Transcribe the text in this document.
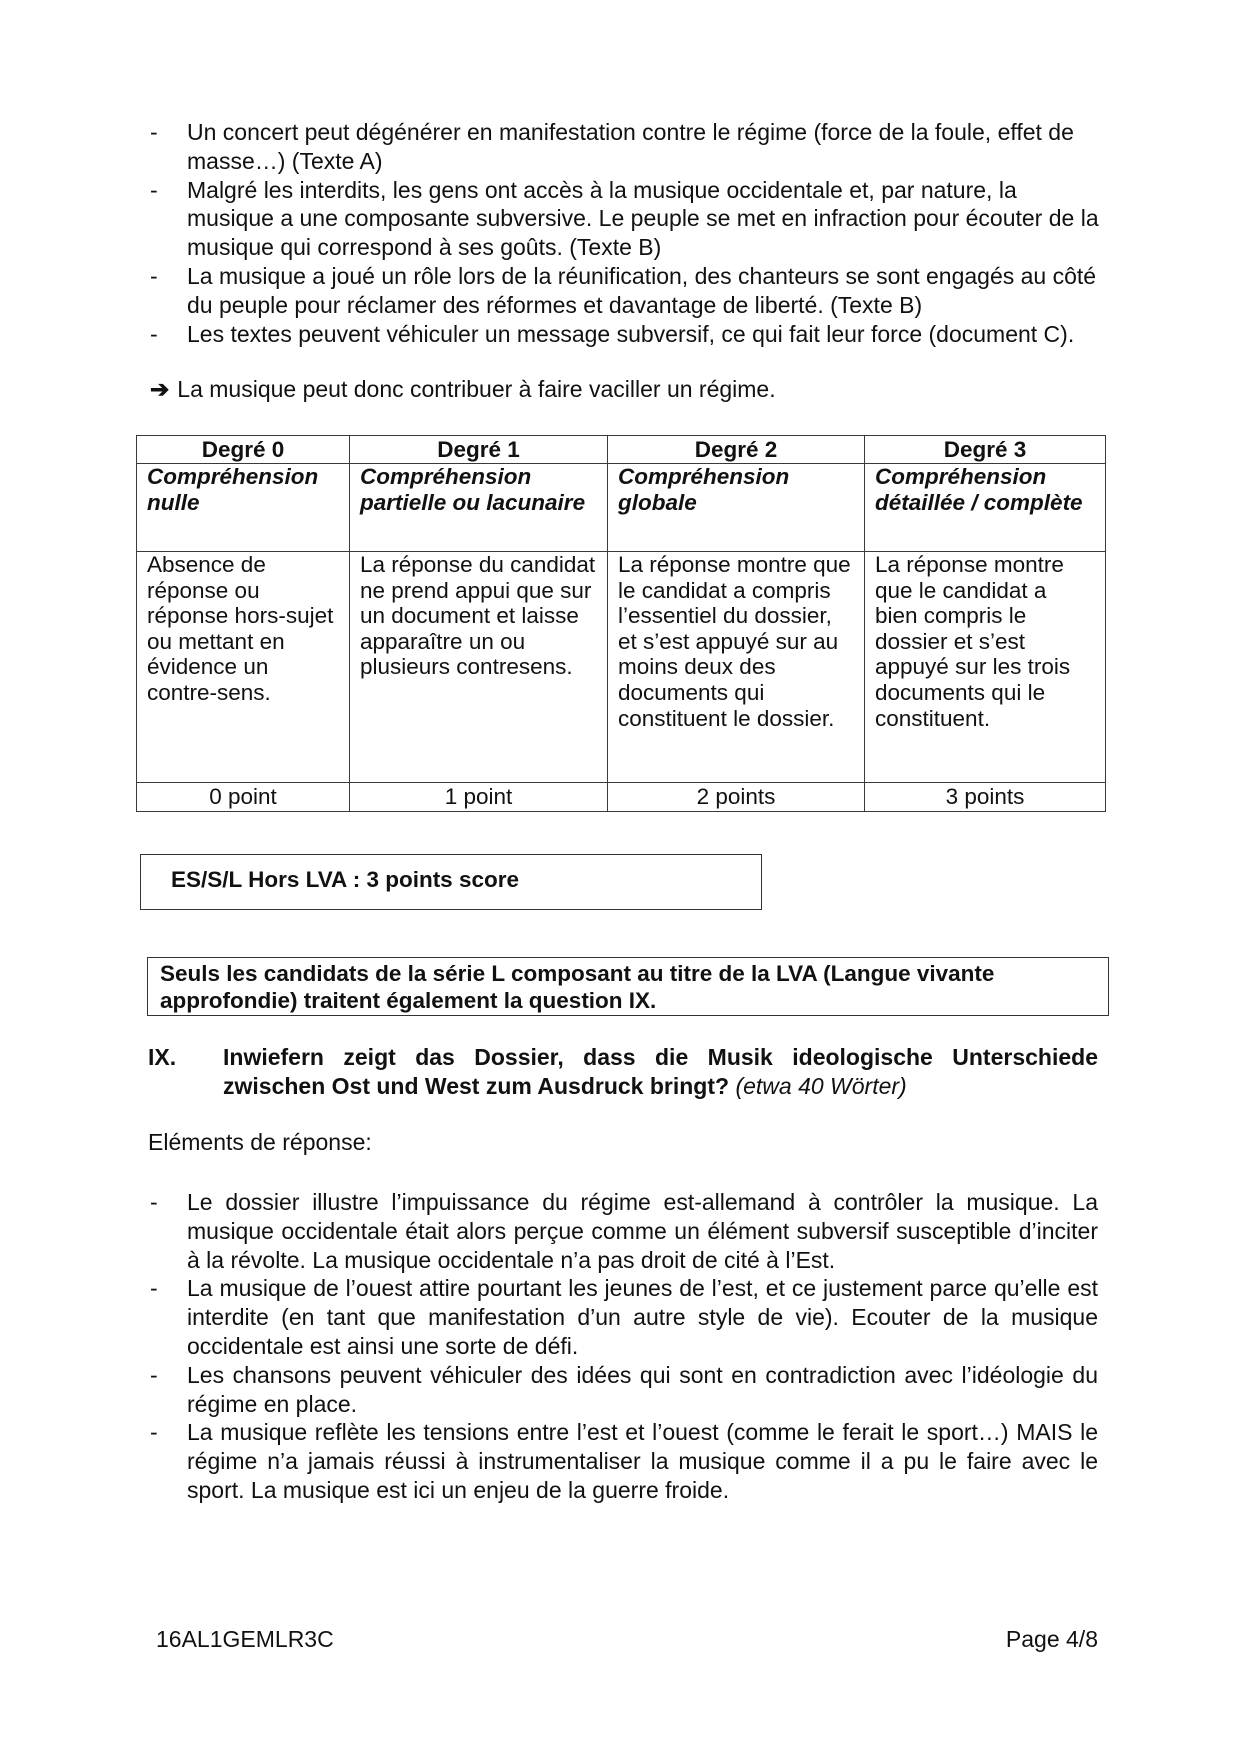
- Un concert peut dégénérer en manifestation contre le régime (force de la foule, effet de masse…) (Texte A)
- Malgré les interdits, les gens ont accès à la musique occidentale et, par nature, la musique a une composante subversive. Le peuple se met en infraction pour écouter de la musique qui correspond à ses goûts. (Texte B)
- La musique a joué un rôle lors de la réunification, des chanteurs se sont engagés au côté du peuple pour réclamer des réformes et davantage de liberté. (Texte B)
- Les textes peuvent véhiculer un message subversif, ce qui fait leur force (document C).
➔ La musique peut donc contribuer à faire vaciller un régime.
Degré 0	Degré 1	Degré 2	Degré 3
Compréhension nulle	Compréhension partielle ou lacunaire	Compréhension globale	Compréhension détaillée / complète
Absence de réponse ou réponse hors-sujet ou mettant en évidence un contre-sens.	La réponse du candidat ne prend appui que sur un document et laisse apparaître un ou plusieurs contresens.	La réponse montre que le candidat a compris l’essentiel du dossier, et s’est appuyé sur au moins deux des documents qui constituent le dossier.	La réponse montre que le candidat a bien compris le dossier et s’est appuyé sur les trois documents qui le constituent.
0 point	1 point	2 points	3 points
ES/S/L Hors LVA : 3 points score
Seuls les candidats de la série L composant au titre de la LVA (Langue vivante approfondie) traitent également la question IX.
IX. Inwiefern zeigt das Dossier, dass die Musik ideologische Unterschiede zwischen Ost und West zum Ausdruck bringt? (etwa 40 Wörter)
Eléments de réponse:
- Le dossier illustre l’impuissance du régime est-allemand à contrôler la musique. La musique occidentale était alors perçue comme un élément subversif susceptible d’inciter à la révolte. La musique occidentale n’a pas droit de cité à l’Est.
- La musique de l’ouest attire pourtant les jeunes de l’est, et ce justement parce qu’elle est interdite (en tant que manifestation d’un autre style de vie). Ecouter de la musique occidentale est ainsi une sorte de défi.
- Les chansons peuvent véhiculer des idées qui sont en contradiction avec l’idéologie du régime en place.
- La musique reflète les tensions entre l’est et l’ouest (comme le ferait le sport…) MAIS le régime n’a jamais réussi à instrumentaliser la musique comme il a pu le faire avec le sport. La musique est ici un enjeu de la guerre froide.
16AL1GEMLR3C	Page 4/8
